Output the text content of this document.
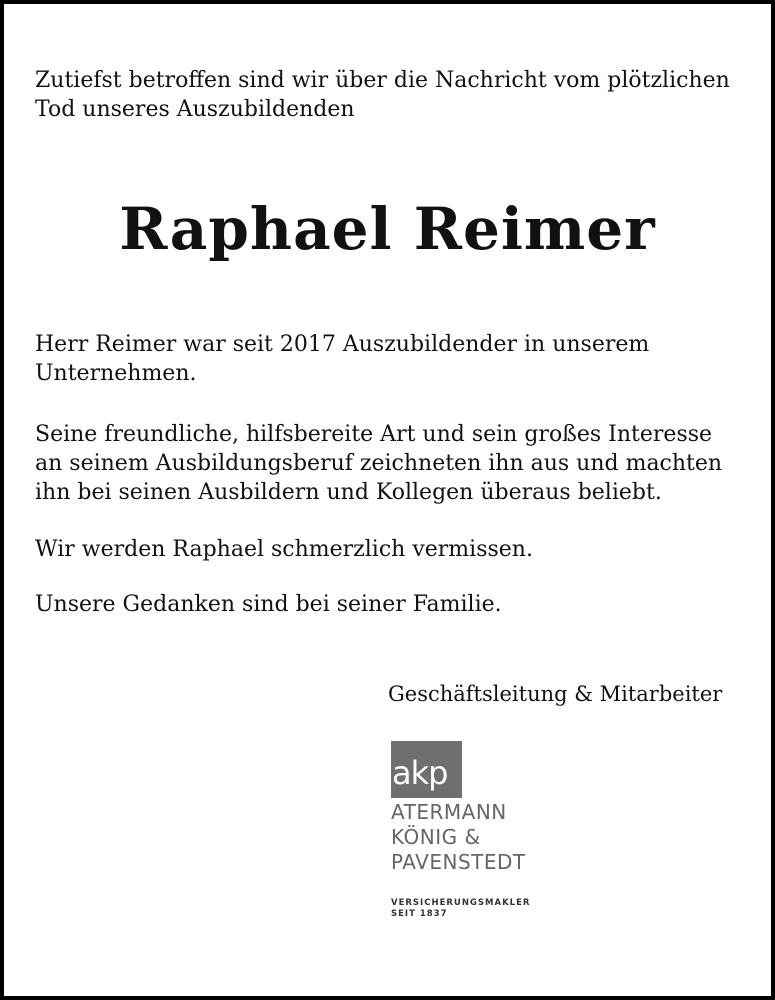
Zutiefst betroffen sind wir über die Nachricht vom plötzlichen Tod unseres Auszubildenden

Raphael Reimer

Herr Reimer war seit 2017 Auszubildender in unserem Unternehmen.

Seine freundliche, hilfsbereite Art und sein großes Interesse an seinem Ausbildungsberuf zeichneten ihn aus und machten ihn bei seinen Ausbildern und Kollegen überaus beliebt.

Wir werden Raphael schmerzlich vermissen.

Unsere Gedanken sind bei seiner Familie.

Geschäftsleitung & Mitarbeiter

akp
ATERMANN
KÖNIG &
PAVENSTEDT
VERSICHERUNGSMAKLER
SEIT 1837
